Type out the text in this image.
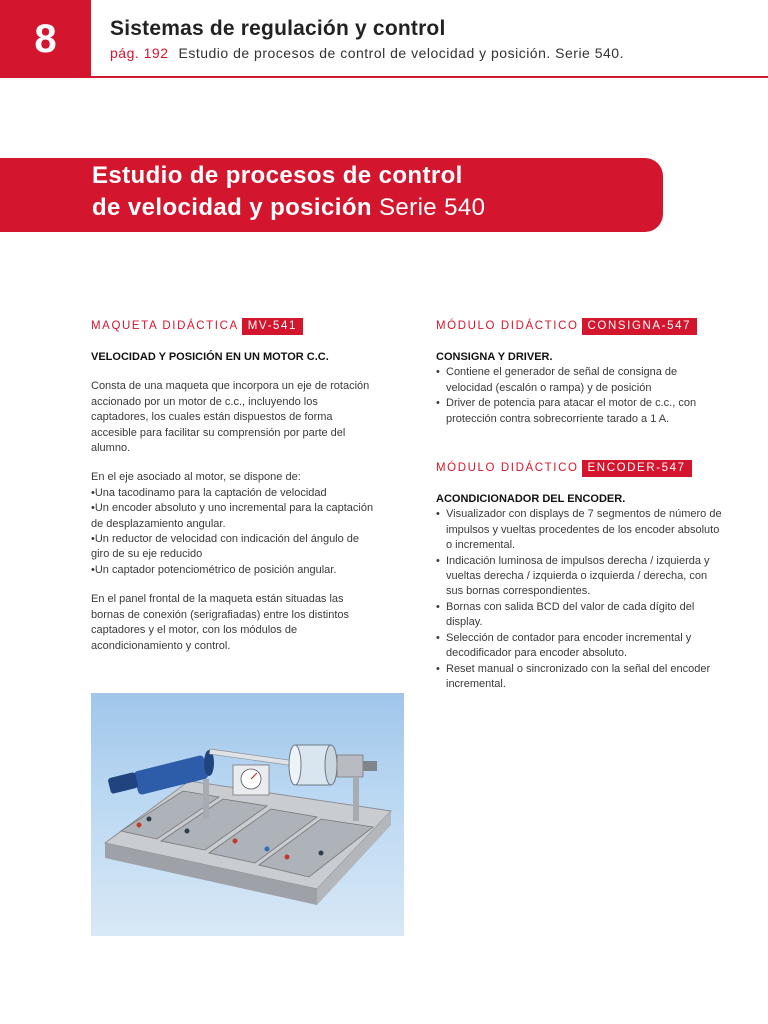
8	Sistemas de regulación y control
pág. 192 Estudio de procesos de control de velocidad y posición. Serie 540.
Estudio de procesos de control
de velocidad y posición Serie 540
MAQUETA DIDÁCTICA MV-541
VELOCIDAD Y POSICIÓN EN UN MOTOR C.C.
Consta de una maqueta que incorpora un eje de rotación accionado por un motor de c.c., incluyendo los captadores, los cuales están dispuestos de forma accesible para facilitar su comprensión por parte del alumno.
En el eje asociado al motor, se dispone de:
• Una tacodinamo para la captación de velocidad
• Un encoder absoluto y uno incremental para la captación de desplazamiento angular.
• Un reductor de velocidad con indicación del ángulo de giro de su eje reducido
• Un captador potenciométrico de posición angular.
En el panel frontal de la maqueta están situadas las bornas de conexión (serigrafiadas) entre los distintos captadores y el motor, con los módulos de acondicionamiento y control.
MÓDULO DIDÁCTICO CONSIGNA-547
CONSIGNA Y DRIVER.
• Contiene el generador de señal de consigna de velocidad (escalón o rampa) y de posición
• Driver de potencia para atacar el motor de c.c., con protección contra sobrecorriente tarado a 1 A.
MÓDULO DIDÁCTICO ENCODER-547
ACONDICIONADOR DEL ENCODER.
• Visualizador con displays de 7 segmentos de número de impulsos y vueltas procedentes de los encoder absoluto o incremental.
• Indicación luminosa de impulsos derecha / izquierda y vueltas derecha / izquierda o izquierda / derecha, con sus bornas correspondientes.
• Bornas con salida BCD del valor de cada dígito del display.
• Selección de contador para encoder incremental y decodificador para encoder absoluto.
• Reset manual o sincronizado con la señal del encoder incremental.
